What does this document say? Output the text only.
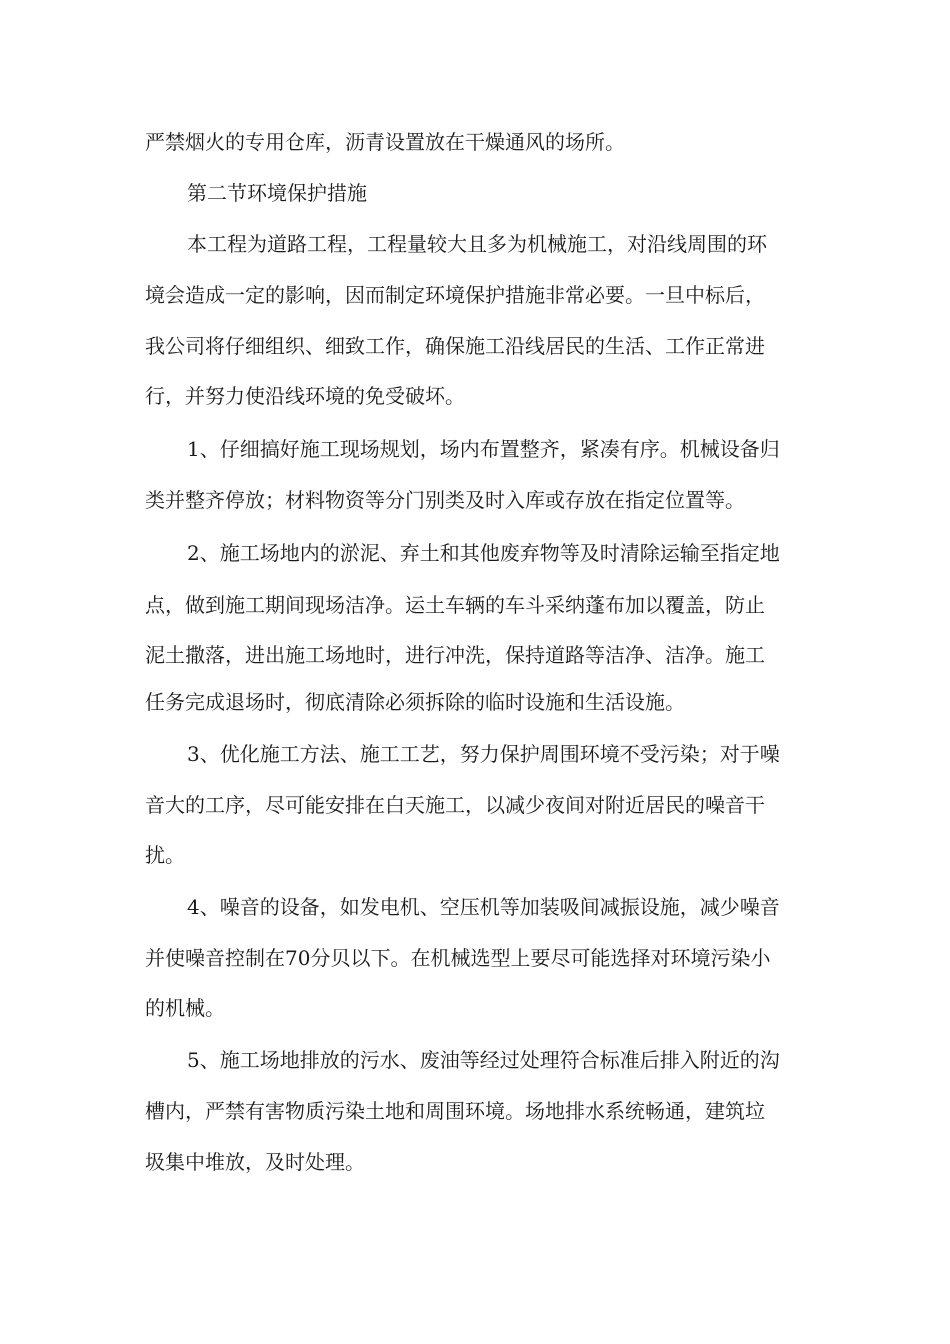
严禁烟火的专用仓库，沥青设置放在干燥通风的场所。
第二节环境保护措施
本工程为道路工程，工程量较大且多为机械施工，对沿线周围的环
境会造成一定的影响，因而制定环境保护措施非常必要。一旦中标后，
我公司将仔细组织、细致工作，确保施工沿线居民的生活、工作正常进
行，并努力使沿线环境的免受破坏。
1、仔细搞好施工现场规划，场内布置整齐，紧凑有序。机械设备归
类并整齐停放；材料物资等分门别类及时入库或存放在指定位置等。
2、施工场地内的淤泥、弃土和其他废弃物等及时清除运输至指定地
点，做到施工期间现场洁净。运土车辆的车斗采纳蓬布加以覆盖，防止
泥土撒落，进出施工场地时，进行冲洗，保持道路等洁净、洁净。施工
任务完成退场时，彻底清除必须拆除的临时设施和生活设施。
3、优化施工方法、施工工艺，努力保护周围环境不受污染；对于噪
音大的工序，尽可能安排在白天施工，以减少夜间对附近居民的噪音干
扰。
4、噪音的设备，如发电机、空压机等加装吸间减振设施，减少噪音
并使噪音控制在70分贝以下。在机械选型上要尽可能选择对环境污染小
的机械。
5、施工场地排放的污水、废油等经过处理符合标准后排入附近的沟
槽内，严禁有害物质污染土地和周围环境。场地排水系统畅通，建筑垃
圾集中堆放，及时处理。
